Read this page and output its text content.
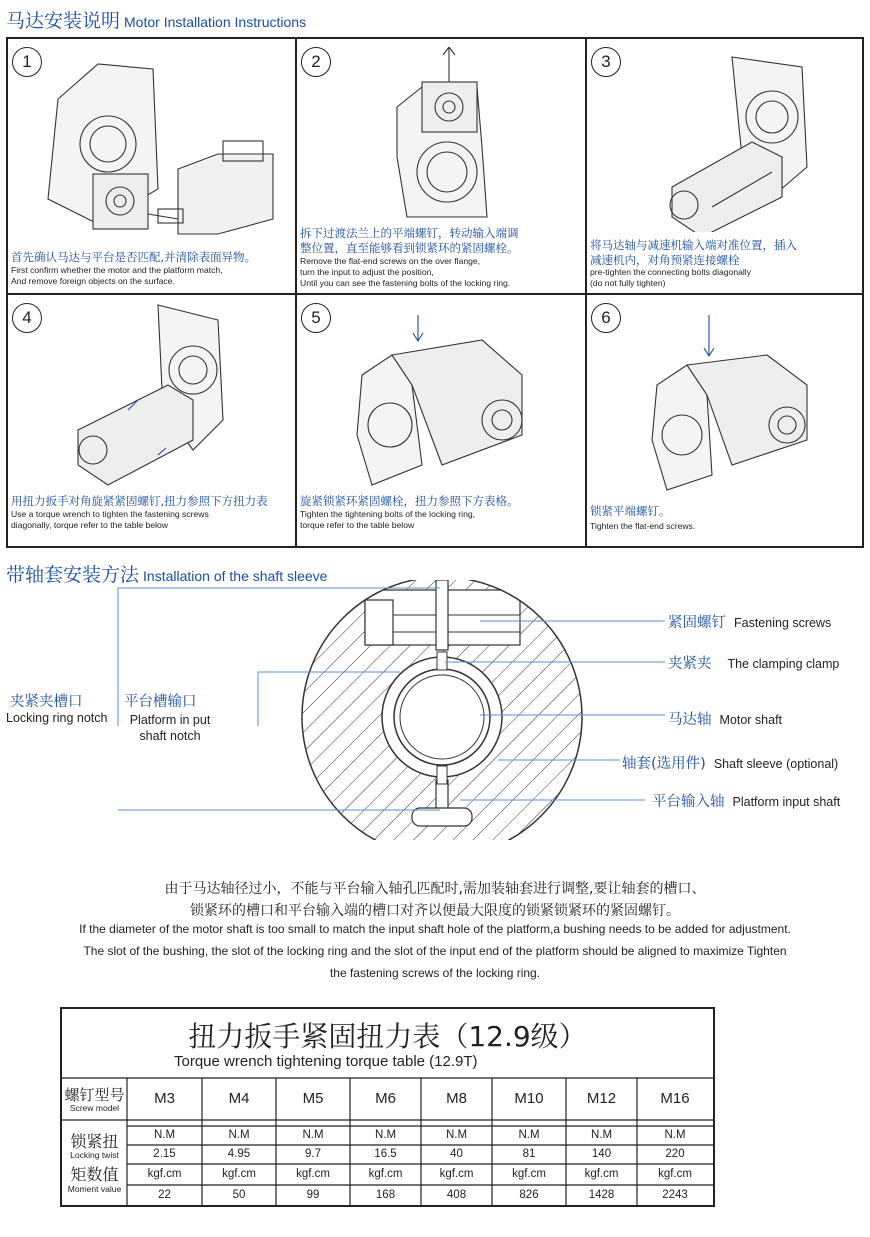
马达安装说明 Motor Installation Instructions
1
首先确认马达与平台是否匹配,并清除表面异物。
First confirm whether the motor and the platform match,
And remove foreign objects on the surface.
2
拆下过渡法兰上的平端螺钉，转动输入端调
整位置，直至能够看到锁紧环的紧固螺栓。
Remove the flat-end screws on the over flange,
turn the input to adjust the position,
Until you can see the fastening bolts of the locking ring.
3
将马达轴与减速机输入端对准位置，插入
减速机内，对角预紧连接螺栓
pre-tighten the connecting bolts diagonally
(do not fully tighten)
4
用扭力扳手对角旋紧紧固螺钉,扭力参照下方扭力表
Use a torque wrench to tighten the fastening screws
diagonally, torque refer to the table below
5
旋紧锁紧环紧固螺栓，扭力参照下方表格。
Tighten the tightening bolts of the locking ring,
torque refer to the table below
6
锁紧平端螺钉。
Tighten the flat-end screws.
带轴套安装方法 Installation of the shaft sleeve
紧固螺钉 Fastening screws
夹紧夹 The clamping clamp
马达轴 Motor shaft
轴套(选用件) Shaft sleeve (optional)
平台输入轴 Platform input shaft
夹紧夹槽口
Locking ring notch
平台槽输口
Platform in put
shaft notch
由于马达轴径过小，不能与平台输入轴孔匹配时,需加装轴套进行调整,要让轴套的槽口、
锁紧环的槽口和平台输入端的槽口对齐以便最大限度的锁紧锁紧环的紧固螺钉。
If the diameter of the motor shaft is too small to match the input shaft hole of the platform,a bushing needs to be added for adjustment.
The slot of the bushing, the slot of the locking ring and the slot of the input end of the platform should be aligned to maximize Tighten
the fastening screws of the locking ring.
扭力扳手紧固扭力表（12.9级）
Torque wrench tightening torque table (12.9T)
螺钉型号
Screw model
锁紧扭
Locking twist
矩数值
Moment value
M3
N.M
2.15
kgf.cm
22
M4
N.M
4.95
kgf.cm
50
M5
N.M
9.7
kgf.cm
99
M6
N.M
16.5
kgf.cm
168
M8
N.M
40
kgf.cm
408
M10
N.M
81
kgf.cm
826
M12
N.M
140
kgf.cm
1428
M16
N.M
220
kgf.cm
2243
